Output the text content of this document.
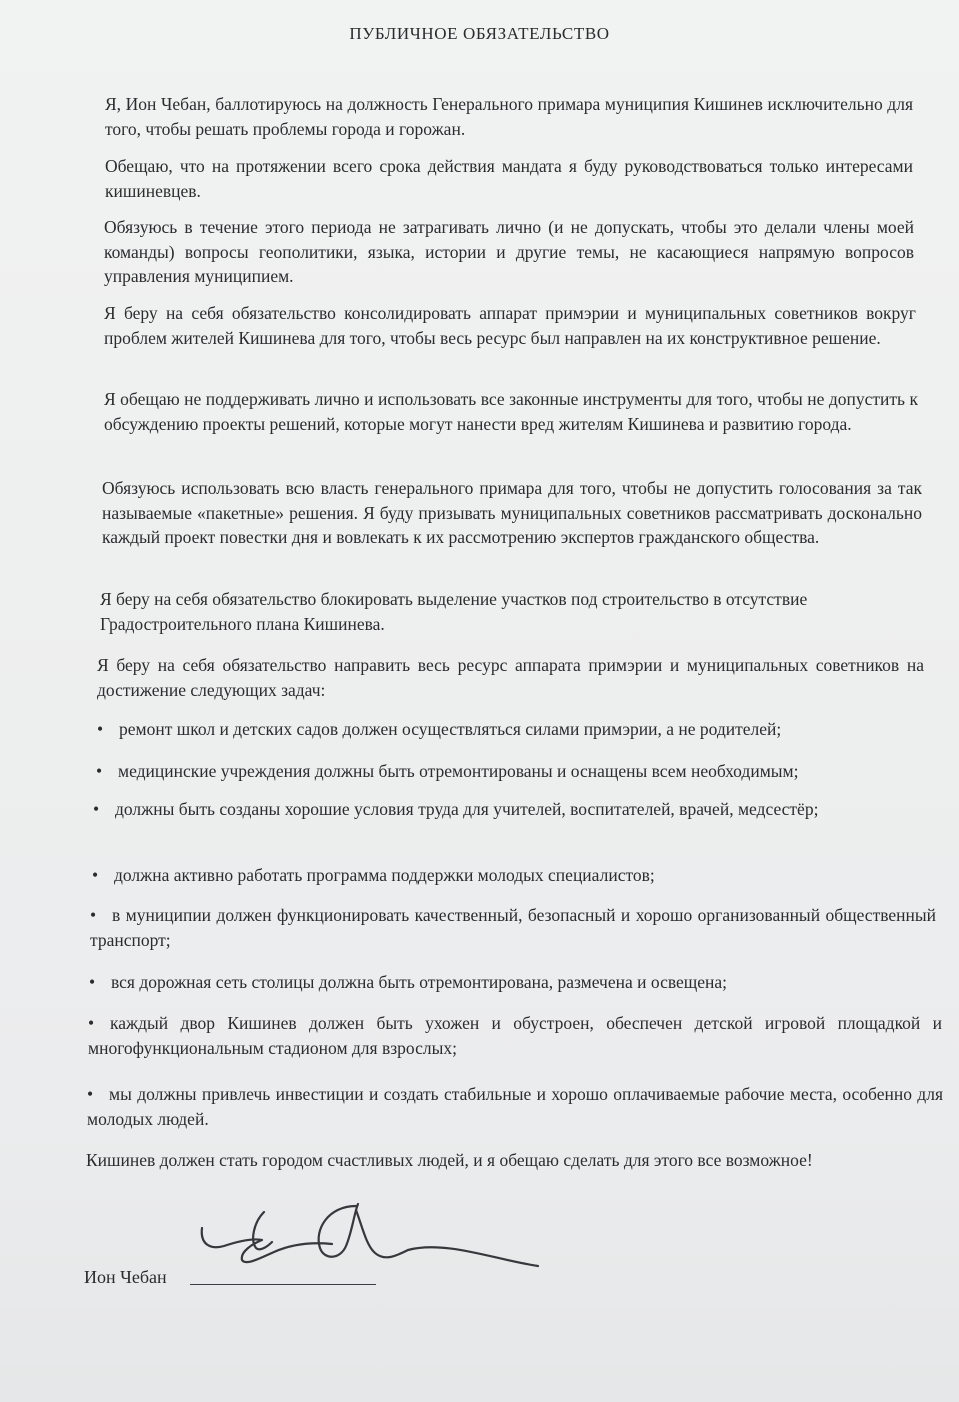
ПУБЛИЧНОЕ ОБЯЗАТЕЛЬСТВО

Я, Ион Чебан, баллотируюсь на должность Генерального примара муниципия Кишинев исключительно для того, чтобы решать проблемы города и горожан.

Обещаю, что на протяжении всего срока действия мандата я буду руководствоваться только интересами кишиневцев.

Обязуюсь в течение этого периода не затрагивать лично (и не допускать, чтобы это делали члены моей команды) вопросы геополитики, языка, истории и другие темы, не касающиеся напрямую вопросов управления муниципием.

Я беру на себя обязательство консолидировать аппарат примэрии и муниципальных советников вокруг проблем жителей Кишинева для того, чтобы весь ресурс был направлен на их конструктивное решение.

Я обещаю не поддерживать лично и использовать все законные инструменты для того, чтобы не допустить к обсуждению проекты решений, которые могут нанести вред жителям Кишинева и развитию города.

Обязуюсь использовать всю власть генерального примара для того, чтобы не допустить голосования за так называемые «пакетные» решения. Я буду призывать муниципальных советников рассматривать досконально каждый проект повестки дня и вовлекать к их рассмотрению экспертов гражданского общества.

Я беру на себя обязательство блокировать выделение участков под строительство в отсутствие Градостроительного плана Кишинева.

Я беру на себя обязательство направить весь ресурс аппарата примэрии и муниципальных советников на достижение следующих задач:

• ремонт школ и детских садов должен осуществляться силами примэрии, а не родителей;

• медицинские учреждения должны быть отремонтированы и оснащены всем необходимым;

• должны быть созданы хорошие условия труда для учителей, воспитателей, врачей, медсестёр;

• должна активно работать программа поддержки молодых специалистов;

• в муниципии должен функционировать качественный, безопасный и хорошо организованный общественный транспорт;

• вся дорожная сеть столицы должна быть отремонтирована, размечена и освещена;

• каждый двор Кишинев должен быть ухожен и обустроен, обеспечен детской игровой площадкой и многофункциональным стадионом для взрослых;

• мы должны привлечь инвестиции и создать стабильные и хорошо оплачиваемые рабочие места, особенно для молодых людей.

Кишинев должен стать городом счастливых людей, и я обещаю сделать для этого все возможное!

Ион Чебан
